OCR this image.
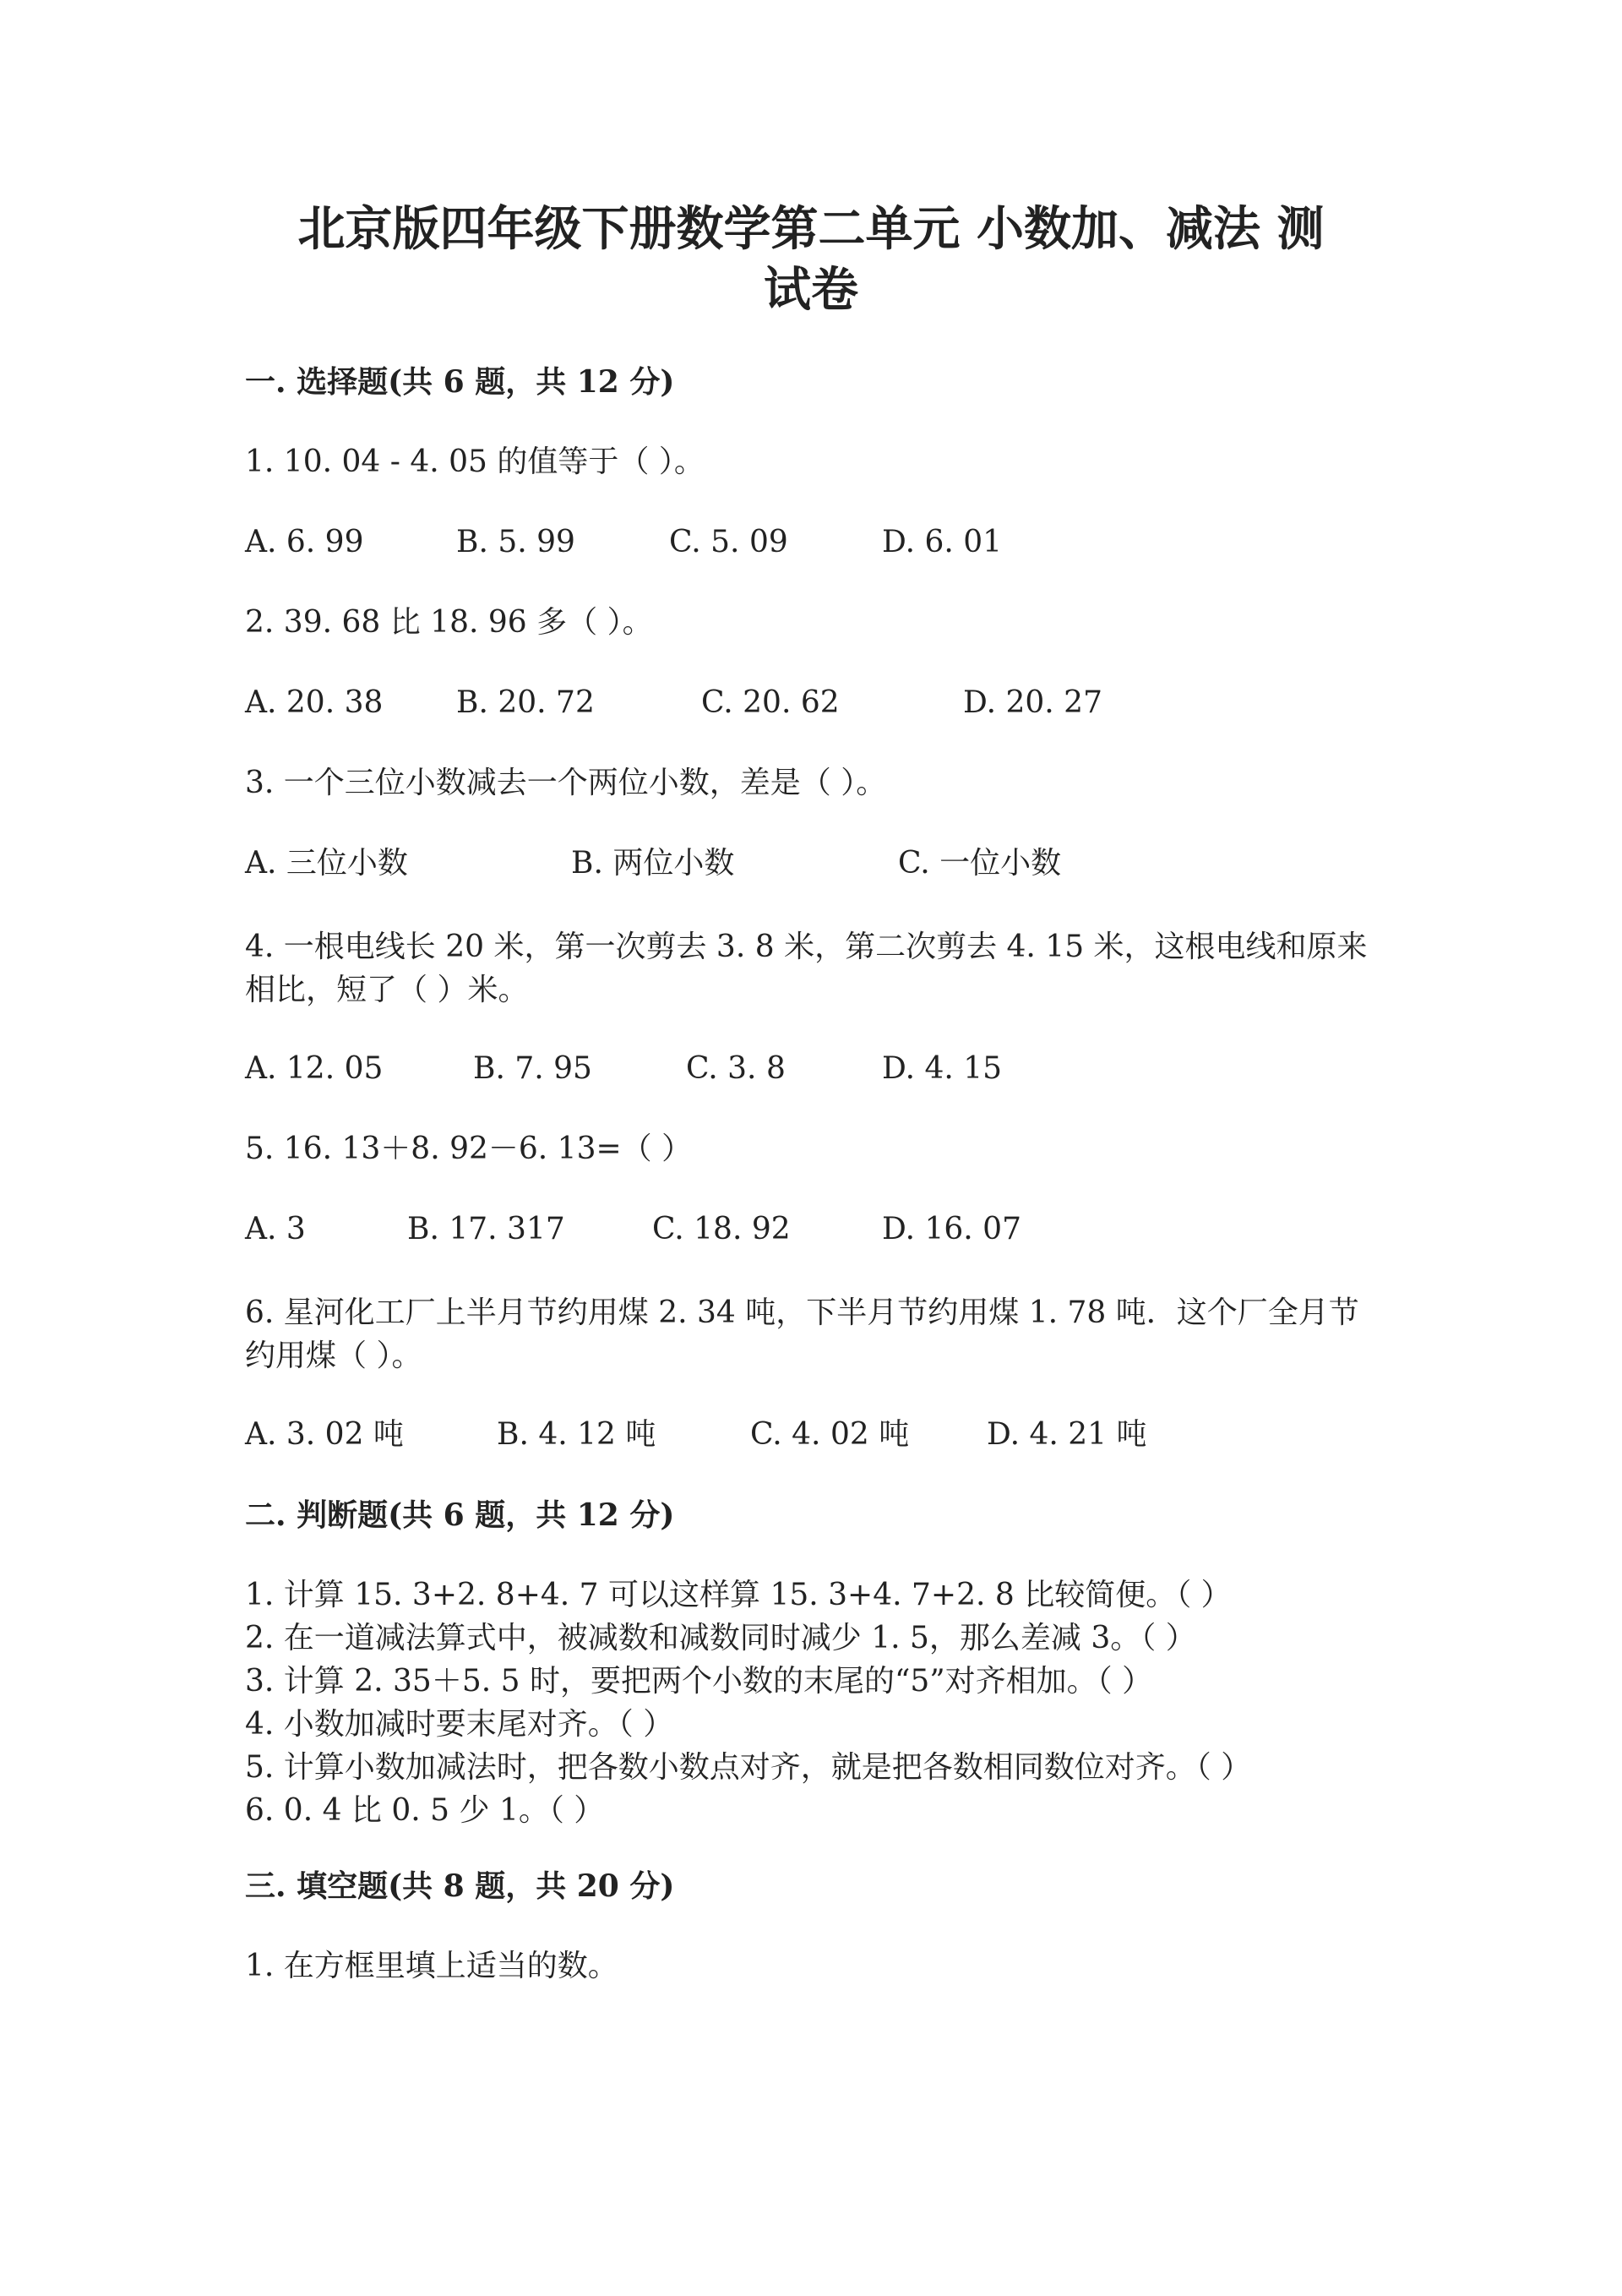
北京版四年级下册数学第二单元 小数加、减法 测
试卷
一. 选择题(共 6 题，共 12 分)
1. 10. 04 - 4. 05 的值等于（ ）。
A. 6. 99	B. 5. 99	C. 5. 09	D. 6. 01
2. 39. 68 比 18. 96 多（ ）。
A. 20. 38 B. 20. 72	C. 20. 62	D. 20. 27
3. 一个三位小数减去一个两位小数，差是（ ）。
A. 三位小数	B. 两位小数	C. 一位小数
4. 一根电线长 20 米，第一次剪去 3. 8 米，第二次剪去 4. 15 米，这根电线和原来相比，短了（ ）米。
A. 12. 05	B. 7. 95	C. 3. 8	D. 4. 15
5. 16. 13＋8. 92－6. 13=（ ）
A. 3	B. 17. 317	C. 18. 92	D. 16. 07
6. 星河化工厂上半月节约用煤 2. 34 吨，下半月节约用煤 1. 78 吨．这个厂全月节约用煤（ ）。
A. 3. 02 吨	B. 4. 12 吨	C. 4. 02 吨	D. 4. 21 吨
二. 判断题(共 6 题，共 12 分)
1. 计算 15. 3+2. 8+4. 7 可以这样算 15. 3+4. 7+2. 8 比较简便。（ ）
2. 在一道减法算式中，被减数和减数同时减少 1. 5，那么差减 3。（ ）
3. 计算 2. 35＋5. 5 时，要把两个小数的末尾的“5”对齐相加。（ ）
4. 小数加减时要末尾对齐。（ ）
5. 计算小数加减法时，把各数小数点对齐，就是把各数相同数位对齐。（ ）
6. 0. 4 比 0. 5 少 1。（ ）
三. 填空题(共 8 题，共 20 分)
1. 在方框里填上适当的数。
